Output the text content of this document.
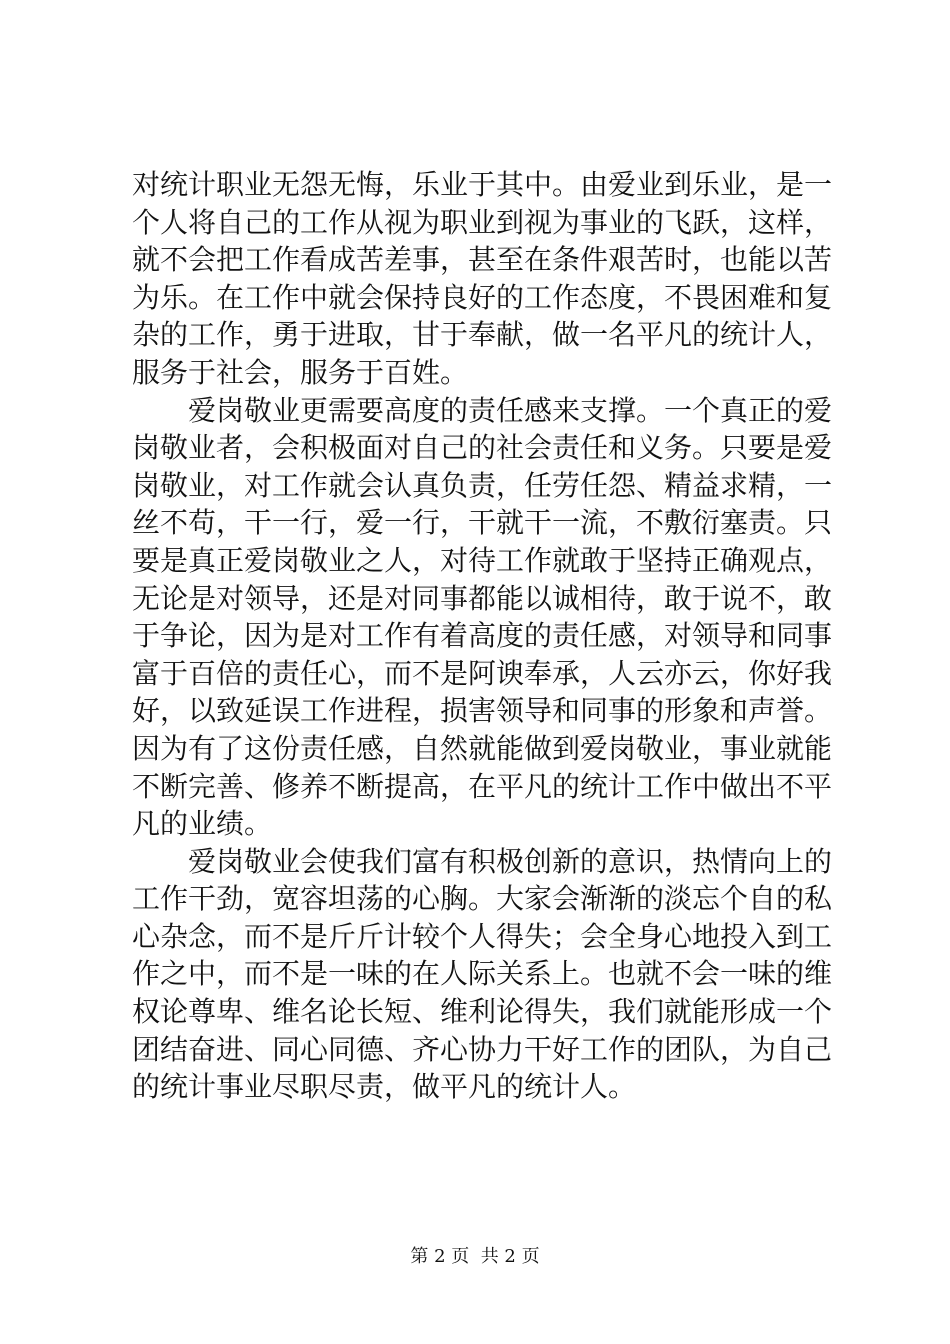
对统计职业无怨无悔，乐业于其中。由爱业到乐业，是一个人将自己的工作从视为职业到视为事业的飞跃，这样，就不会把工作看成苦差事，甚至在条件艰苦时，也能以苦为乐。在工作中就会保持良好的工作态度，不畏困难和复杂的工作，勇于进取，甘于奉献，做一名平凡的统计人，服务于社会，服务于百姓。

爱岗敬业更需要高度的责任感来支撑。一个真正的爱岗敬业者，会积极面对自己的社会责任和义务。只要是爱岗敬业，对工作就会认真负责，任劳任怨、精益求精，一丝不苟，干一行，爱一行，干就干一流，不敷衍塞责。只要是真正爱岗敬业之人，对待工作就敢于坚持正确观点，无论是对领导，还是对同事都能以诚相待，敢于说不，敢于争论，因为是对工作有着高度的责任感，对领导和同事富于百倍的责任心，而不是阿谀奉承，人云亦云，你好我好，以致延误工作进程，损害领导和同事的形象和声誉。因为有了这份责任感，自然就能做到爱岗敬业，事业就能不断完善、修养不断提高，在平凡的统计工作中做出不平凡的业绩。

爱岗敬业会使我们富有积极创新的意识，热情向上的工作干劲，宽容坦荡的心胸。大家会渐渐的淡忘个自的私心杂念，而不是斤斤计较个人得失；会全身心地投入到工作之中，而不是一味的在人际关系上。也就不会一味的维权论尊卑、维名论长短、维利论得失，我们就能形成一个团结奋进、同心同德、齐心协力干好工作的团队，为自己的统计事业尽职尽责，做平凡的统计人。

第 2 页  共 2 页
